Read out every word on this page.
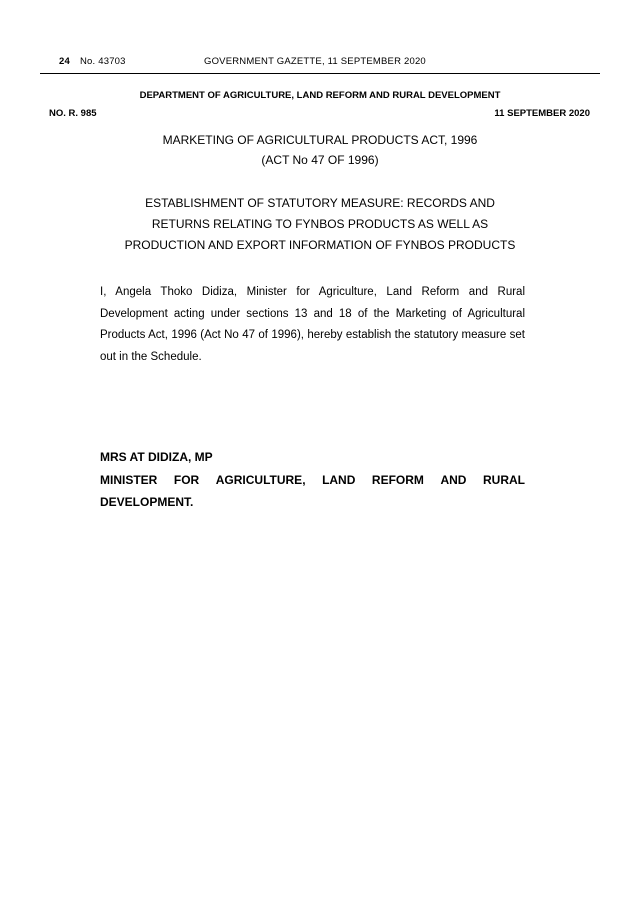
24 No. 43703	GOVERNMENT GAZETTE, 11 SEPTEMBER 2020
DEPARTMENT OF AGRICULTURE, LAND REFORM AND RURAL DEVELOPMENT
NO. R. 985	11 SEPTEMBER 2020
MARKETING OF AGRICULTURAL PRODUCTS ACT, 1996
(ACT No 47 OF 1996)
ESTABLISHMENT OF STATUTORY MEASURE: RECORDS AND
RETURNS RELATING TO FYNBOS PRODUCTS AS WELL AS
PRODUCTION AND EXPORT INFORMATION OF FYNBOS PRODUCTS
I, Angela Thoko Didiza, Minister for Agriculture, Land Reform and Rural Development acting under sections 13 and 18 of the Marketing of Agricultural Products Act, 1996 (Act No 47 of 1996), hereby establish the statutory measure set out in the Schedule.
MRS AT DIDIZA, MP
MINISTER FOR AGRICULTURE, LAND REFORM AND RURAL
DEVELOPMENT.
